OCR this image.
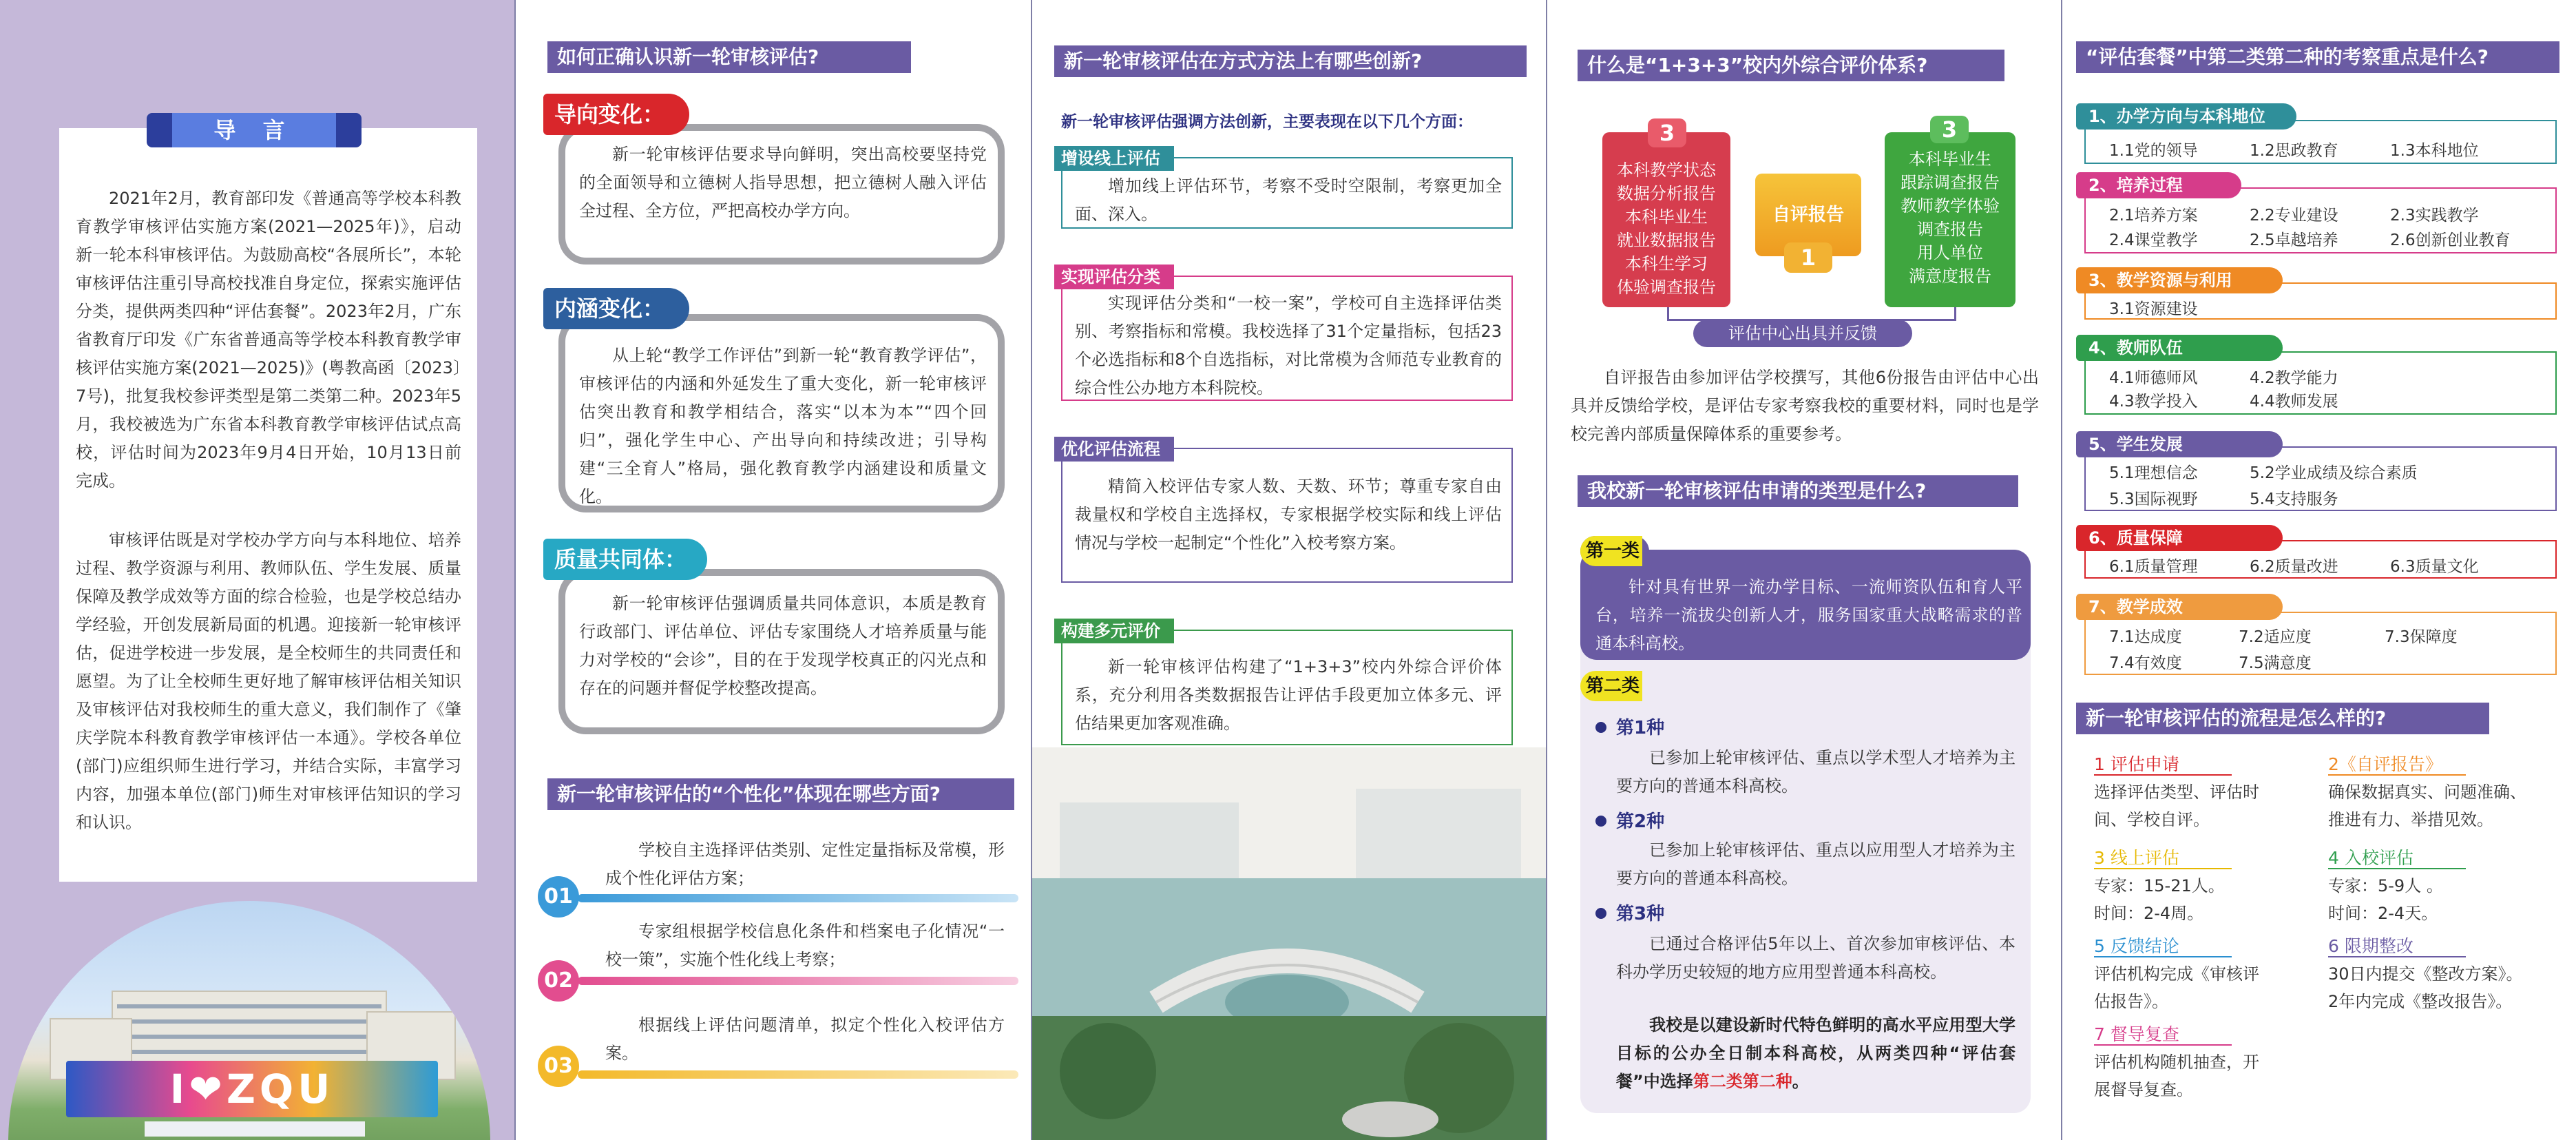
导 言
2021年2月，教育部印发《普通高等学校本科教育教学审核评估实施方案(2021—2025年)》，启动新一轮本科审核评估。为鼓励高校“各展所长”，本轮审核评估注重引导高校找准自身定位，探索实施评估分类，提供两类四种“评估套餐”。2023年2月，广东省教育厅印发《广东省普通高等学校本科教育教学审核评估实施方案(2021—2025)》(粤教高函〔2023〕7号)，批复我校参评类型是第二类第二种。2023年5月，我校被选为广东省本科教育教学审核评估试点高校，评估时间为2023年9月4日开始，10月13日前完成。
审核评估既是对学校办学方向与本科地位、培养过程、教学资源与利用、教师队伍、学生发展、质量保障及教学成效等方面的综合检验，也是学校总结办学经验，开创发展新局面的机遇。迎接新一轮审核评估，促进学校进一步发展，是全校师生的共同责任和愿望。为了让全校师生更好地了解审核评估相关知识及审核评估对我校师生的重大意义，我们制作了《肇庆学院本科教育教学审核评估一本通》。学校各单位(部门)应组织师生进行学习，并结合实际，丰富学习内容，加强本单位(部门)师生对审核评估知识的学习和认识。
I❤ZQU
如何正确认识新一轮审核评估?
导向变化：
新一轮审核评估要求导向鲜明，突出高校要坚持党的全面领导和立德树人指导思想，把立德树人融入评估全过程、全方位，严把高校办学方向。
内涵变化：
从上轮“教学工作评估”到新一轮“教育教学评估”，审核评估的内涵和外延发生了重大变化，新一轮审核评估突出教育和教学相结合，落实“以本为本”“四个回归”，强化学生中心、产出导向和持续改进；引导构建“三全育人”格局，强化教育教学内涵建设和质量文化。
质量共同体：
新一轮审核评估强调质量共同体意识，本质是教育行政部门、评估单位、评估专家围绕人才培养质量与能力对学校的“会诊”，目的在于发现学校真正的闪光点和存在的问题并督促学校整改提高。
新一轮审核评估的“个性化”体现在哪些方面?
01
学校自主选择评估类别、定性定量指标及常模，形成个性化评估方案；
02
专家组根据学校信息化条件和档案电子化情况“一校一策”，实施个性化线上考察；
03
根据线上评估问题清单，拟定个性化入校评估方案。
新一轮审核评估在方式方法上有哪些创新?
新一轮审核评估强调方法创新，主要表现在以下几个方面：
增设线上评估
增加线上评估环节，考察不受时空限制，考察更加全面、深入。
实现评估分类
实现评估分类和“一校一案”，学校可自主选择评估类别、考察指标和常模。我校选择了31个定量指标，包括23个必选指标和8个自选指标，对比常模为含师范专业教育的综合性公办地方本科院校。
优化评估流程
精简入校评估专家人数、天数、环节；尊重专家自由裁量权和学校自主选择权，专家根据学校实际和线上评估情况与学校一起制定“个性化”入校考察方案。
构建多元评价
新一轮审核评估构建了“1+3+3”校内外综合评价体系，充分利用各类数据报告让评估手段更加立体多元、评估结果更加客观准确。
什么是“1+3+3”校内外综合评价体系?
本科教学状态
数据分析报告
本科毕业生
就业数据报告
本科生学习
体验调查报告
3
自评报告
1
本科毕业生
跟踪调查报告
教师教学体验
调查报告
用人单位
满意度报告
3
评估中心出具并反馈
自评报告由参加评估学校撰写，其他6份报告由评估中心出具并反馈给学校，是评估专家考察我校的重要材料，同时也是学校完善内部质量保障体系的重要参考。
我校新一轮审核评估申请的类型是什么?
第一类
针对具有世界一流办学目标、一流师资队伍和育人平台，培养一流拔尖创新人才，服务国家重大战略需求的普通本科高校。
第二类
第1种
已参加上轮审核评估、重点以学术型人才培养为主要方向的普通本科高校。
第2种
已参加上轮审核评估、重点以应用型人才培养为主要方向的普通本科高校。
第3种
已通过合格评估5年以上、首次参加审核评估、本科办学历史较短的地方应用型普通本科高校。
我校是以建设新时代特色鲜明的高水平应用型大学目标的公办全日制本科高校，从两类四种“评估套餐”中选择第二类第二种。
“评估套餐”中第二类第二种的考察重点是什么?
1、办学方向与本科地位
1.1党的领导	1.2思政教育	1.3本科地位
2、培养过程
2.1培养方案	2.2专业建设	2.3实践教学
2.4课堂教学	2.5卓越培养	2.6创新创业教育
3、教学资源与利用
3.1资源建设
4、教师队伍
4.1师德师风	4.2教学能力
4.3教学投入	4.4教师发展
5、学生发展
5.1理想信念	5.2学业成绩及综合素质
5.3国际视野	5.4支持服务
6、质量保障
6.1质量管理	6.2质量改进	6.3质量文化
7、教学成效
7.1达成度	7.2适应度	7.3保障度
7.4有效度	7.5满意度
新一轮审核评估的流程是怎么样的?
1 评估申请
选择评估类型、评估时
间、学校自评。
2《自评报告》
确保数据真实、问题准确、
推进有力、举措见效。
3 线上评估
专家：15-21人。
时间：2-4周。
4 入校评估
专家：5-9人 。
时间：2-4天。
5 反馈结论
评估机构完成《审核评
估报告》。
6 限期整改
30日内提交《整改方案》。
2年内完成《整改报告》。
7 督导复查
评估机构随机抽查，开
展督导复查。
